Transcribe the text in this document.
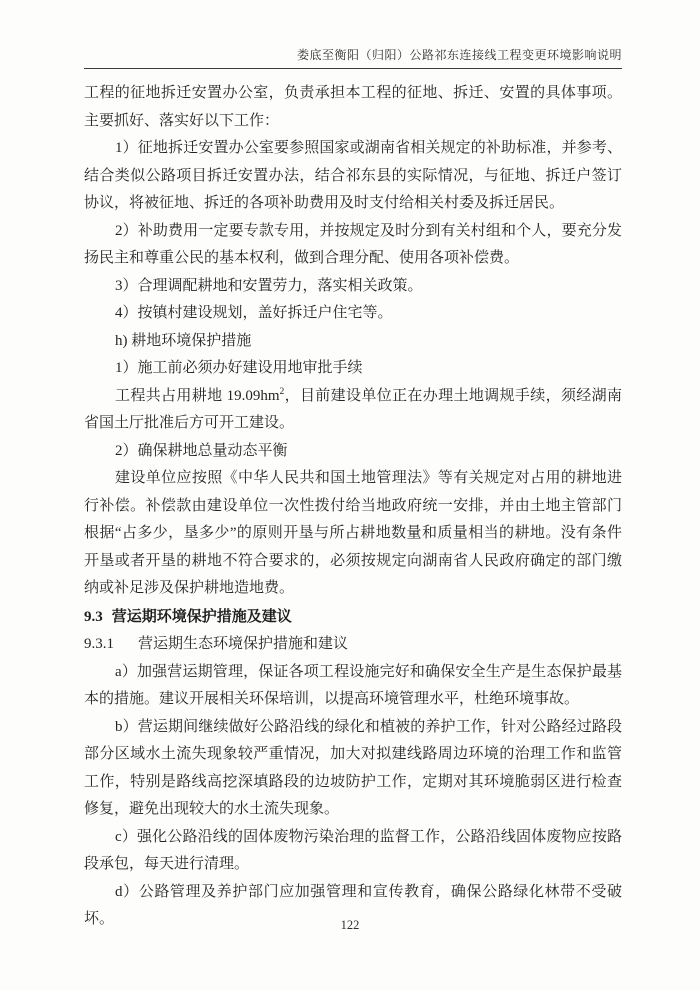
娄底至衡阳（归阳）公路祁东连接线工程变更环境影响说明

工程的征地拆迁安置办公室，负责承担本工程的征地、拆迁、安置的具体事项。主要抓好、落实好以下工作：

1）征地拆迁安置办公室要参照国家或湖南省相关规定的补助标准，并参考、结合类似公路项目拆迁安置办法，结合祁东县的实际情况，与征地、拆迁户签订协议，将被征地、拆迁的各项补助费用及时支付给相关村委及拆迁居民。

2）补助费用一定要专款专用，并按规定及时分到有关村组和个人，要充分发扬民主和尊重公民的基本权利，做到合理分配、使用各项补偿费。

3）合理调配耕地和安置劳力，落实相关政策。

4）按镇村建设规划，盖好拆迁户住宅等。

h) 耕地环境保护措施

1）施工前必须办好建设用地审批手续

工程共占用耕地 $19.09hm^2$，目前建设单位正在办理土地调规手续，须经湖南省国土厅批准后方可开工建设。

2）确保耕地总量动态平衡

建设单位应按照《中华人民共和国土地管理法》等有关规定对占用的耕地进行补偿。补偿款由建设单位一次性拨付给当地政府统一安排，并由土地主管部门根据“占多少，垦多少”的原则开垦与所占耕地数量和质量相当的耕地。没有条件开垦或者开垦的耕地不符合要求的，必须按规定向湖南省人民政府确定的部门缴纳或补足涉及保护耕地造地费。

9.3 营运期环境保护措施及建议
9.3.1 营运期生态环境保护措施和建议

a）加强营运期管理，保证各项工程设施完好和确保安全生产是生态保护最基本的措施。建议开展相关环保培训，以提高环境管理水平，杜绝环境事故。

b）营运期间继续做好公路沿线的绿化和植被的养护工作，针对公路经过路段部分区域水土流失现象较严重情况，加大对拟建线路周边环境的治理工作和监管工作，特别是路线高挖深填路段的边坡防护工作，定期对其环境脆弱区进行检查修复，避免出现较大的水土流失现象。

c）强化公路沿线的固体废物污染治理的监督工作，公路沿线固体废物应按路段承包，每天进行清理。

d）公路管理及养护部门应加强管理和宣传教育，确保公路绿化林带不受破坏。	122
